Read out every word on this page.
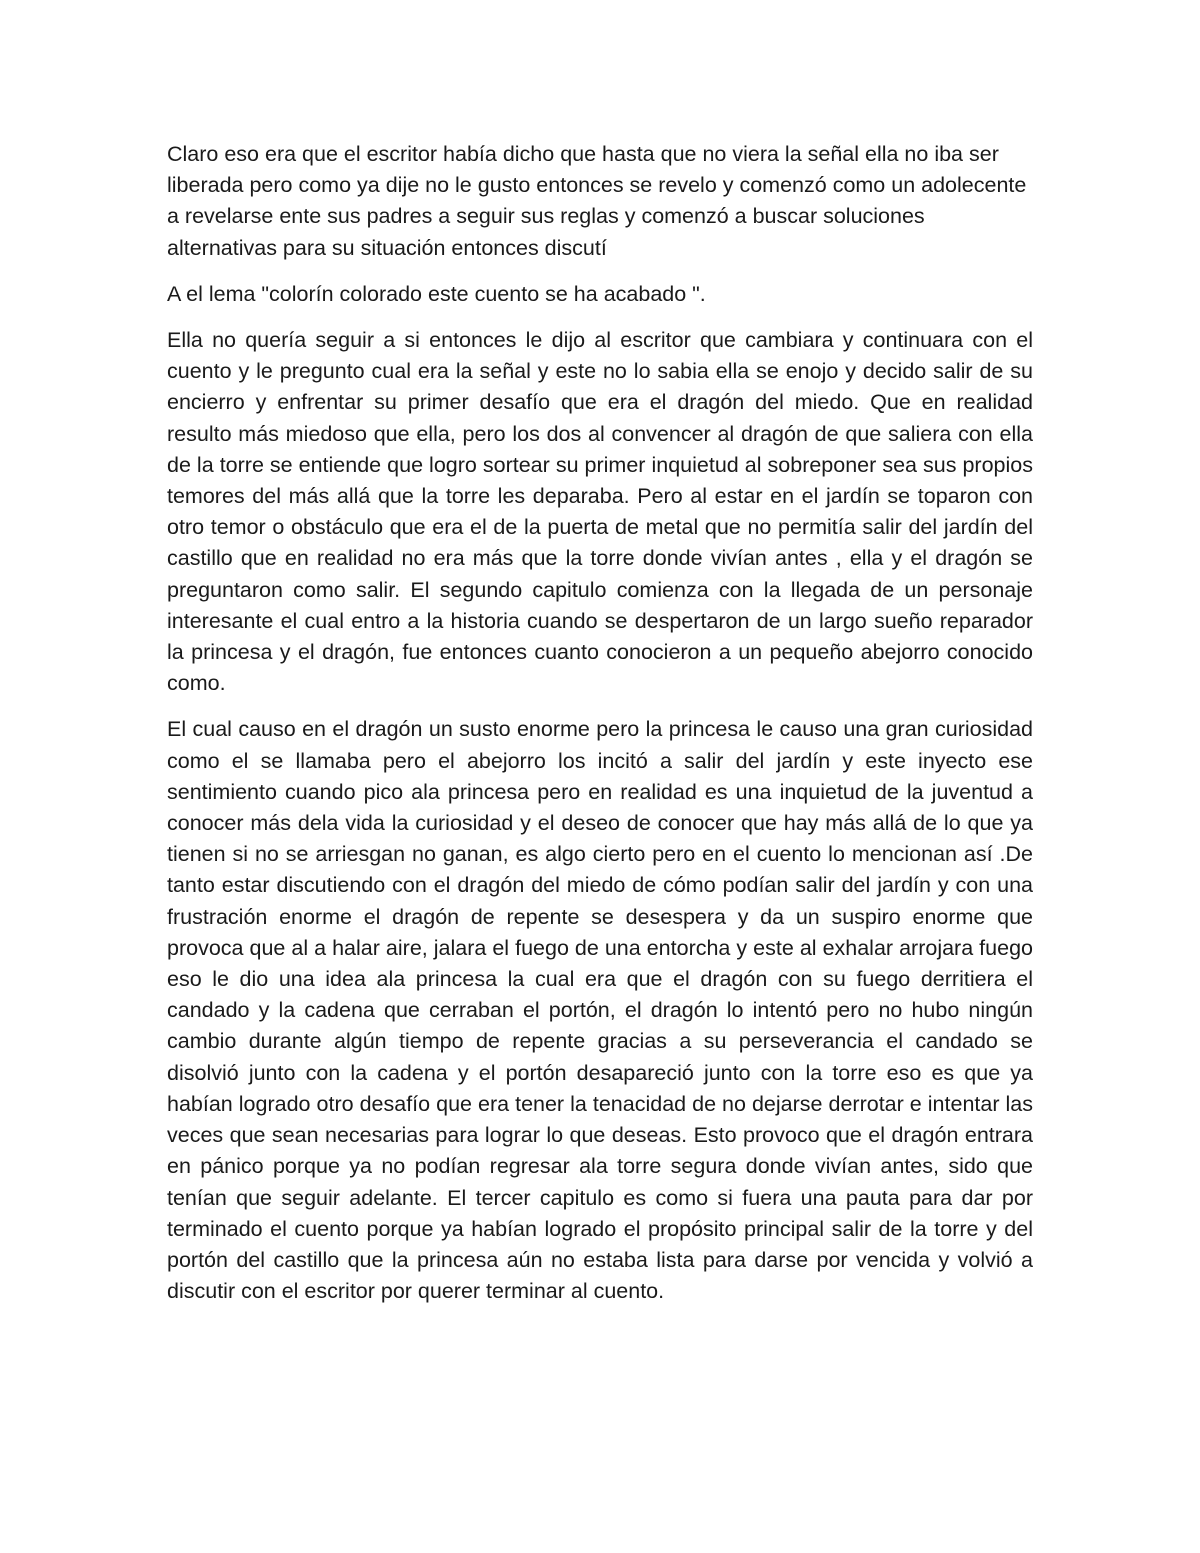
Claro eso era que el escritor había dicho que hasta que no viera la señal ella no iba ser liberada pero como ya dije no le gusto entonces se revelo y comenzó como un adolecente a revelarse ente sus padres a seguir sus reglas y comenzó a buscar soluciones alternativas para su situación entonces discutí

A el lema "colorín colorado este cuento se ha acabado ".

Ella no quería seguir a si entonces le dijo al escritor que cambiara y continuara con el cuento y le pregunto cual era la señal y este no lo sabia ella se enojo y decido salir de su encierro y enfrentar su primer desafío que era el dragón del miedo. Que en realidad resulto más miedoso que ella, pero los dos al convencer al dragón de que saliera con ella de la torre se entiende que logro sortear su primer inquietud al sobreponer sea sus propios temores del más allá que la torre les deparaba. Pero al estar en el jardín se toparon con otro temor o obstáculo que era el de la puerta de metal que no permitía salir del jardín del castillo que en realidad no era más que la torre donde vivían antes , ella y el dragón se preguntaron como salir. El segundo capitulo comienza con la llegada de un personaje interesante el cual entro a la historia cuando se despertaron de un largo sueño reparador la princesa y el dragón, fue entonces cuanto conocieron a un pequeño abejorro conocido como.

El cual causo en el dragón un susto enorme pero la princesa le causo una gran curiosidad como el se llamaba pero el abejorro los incitó a salir del jardín y este inyecto ese sentimiento cuando pico ala princesa pero en realidad es una inquietud de la juventud a conocer más dela vida la curiosidad y el deseo de conocer que hay más allá de lo que ya tienen si no se arriesgan no ganan, es algo cierto pero en el cuento lo mencionan así .De tanto estar discutiendo con el dragón del miedo de cómo podían salir del jardín y con una frustración enorme el dragón de repente se desespera y da un suspiro enorme que provoca que al a halar aire, jalara el fuego de una entorcha y este al exhalar arrojara fuego eso le dio una idea ala princesa la cual era que el dragón con su fuego derritiera el candado y la cadena que cerraban el portón, el dragón lo intentó pero no hubo ningún cambio durante algún tiempo de repente gracias a su perseverancia el candado se disolvió junto con la cadena y el portón desapareció junto con la torre eso es que ya habían logrado otro desafío que era tener la tenacidad de no dejarse derrotar e intentar las veces que sean necesarias para lograr lo que deseas. Esto provoco que el dragón entrara en pánico porque ya no podían regresar ala torre segura donde vivían antes, sido que tenían que seguir adelante. El tercer capitulo es como si fuera una pauta para dar por terminado el cuento porque ya habían logrado el propósito principal salir de la torre y del portón del castillo que la princesa aún no estaba lista para darse por vencida y volvió a discutir con el escritor por querer terminar al cuento.
